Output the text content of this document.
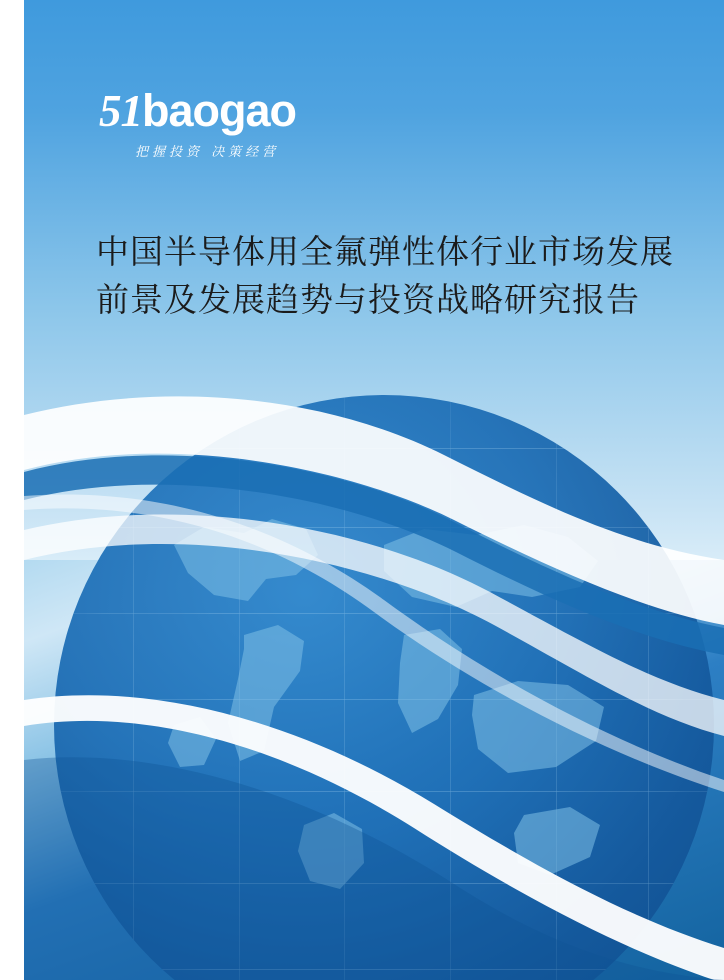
51baogao
把握投资 决策经营
中国半导体用全氟弹性体行业市场发展前景及发展趋势与投资战略研究报告
